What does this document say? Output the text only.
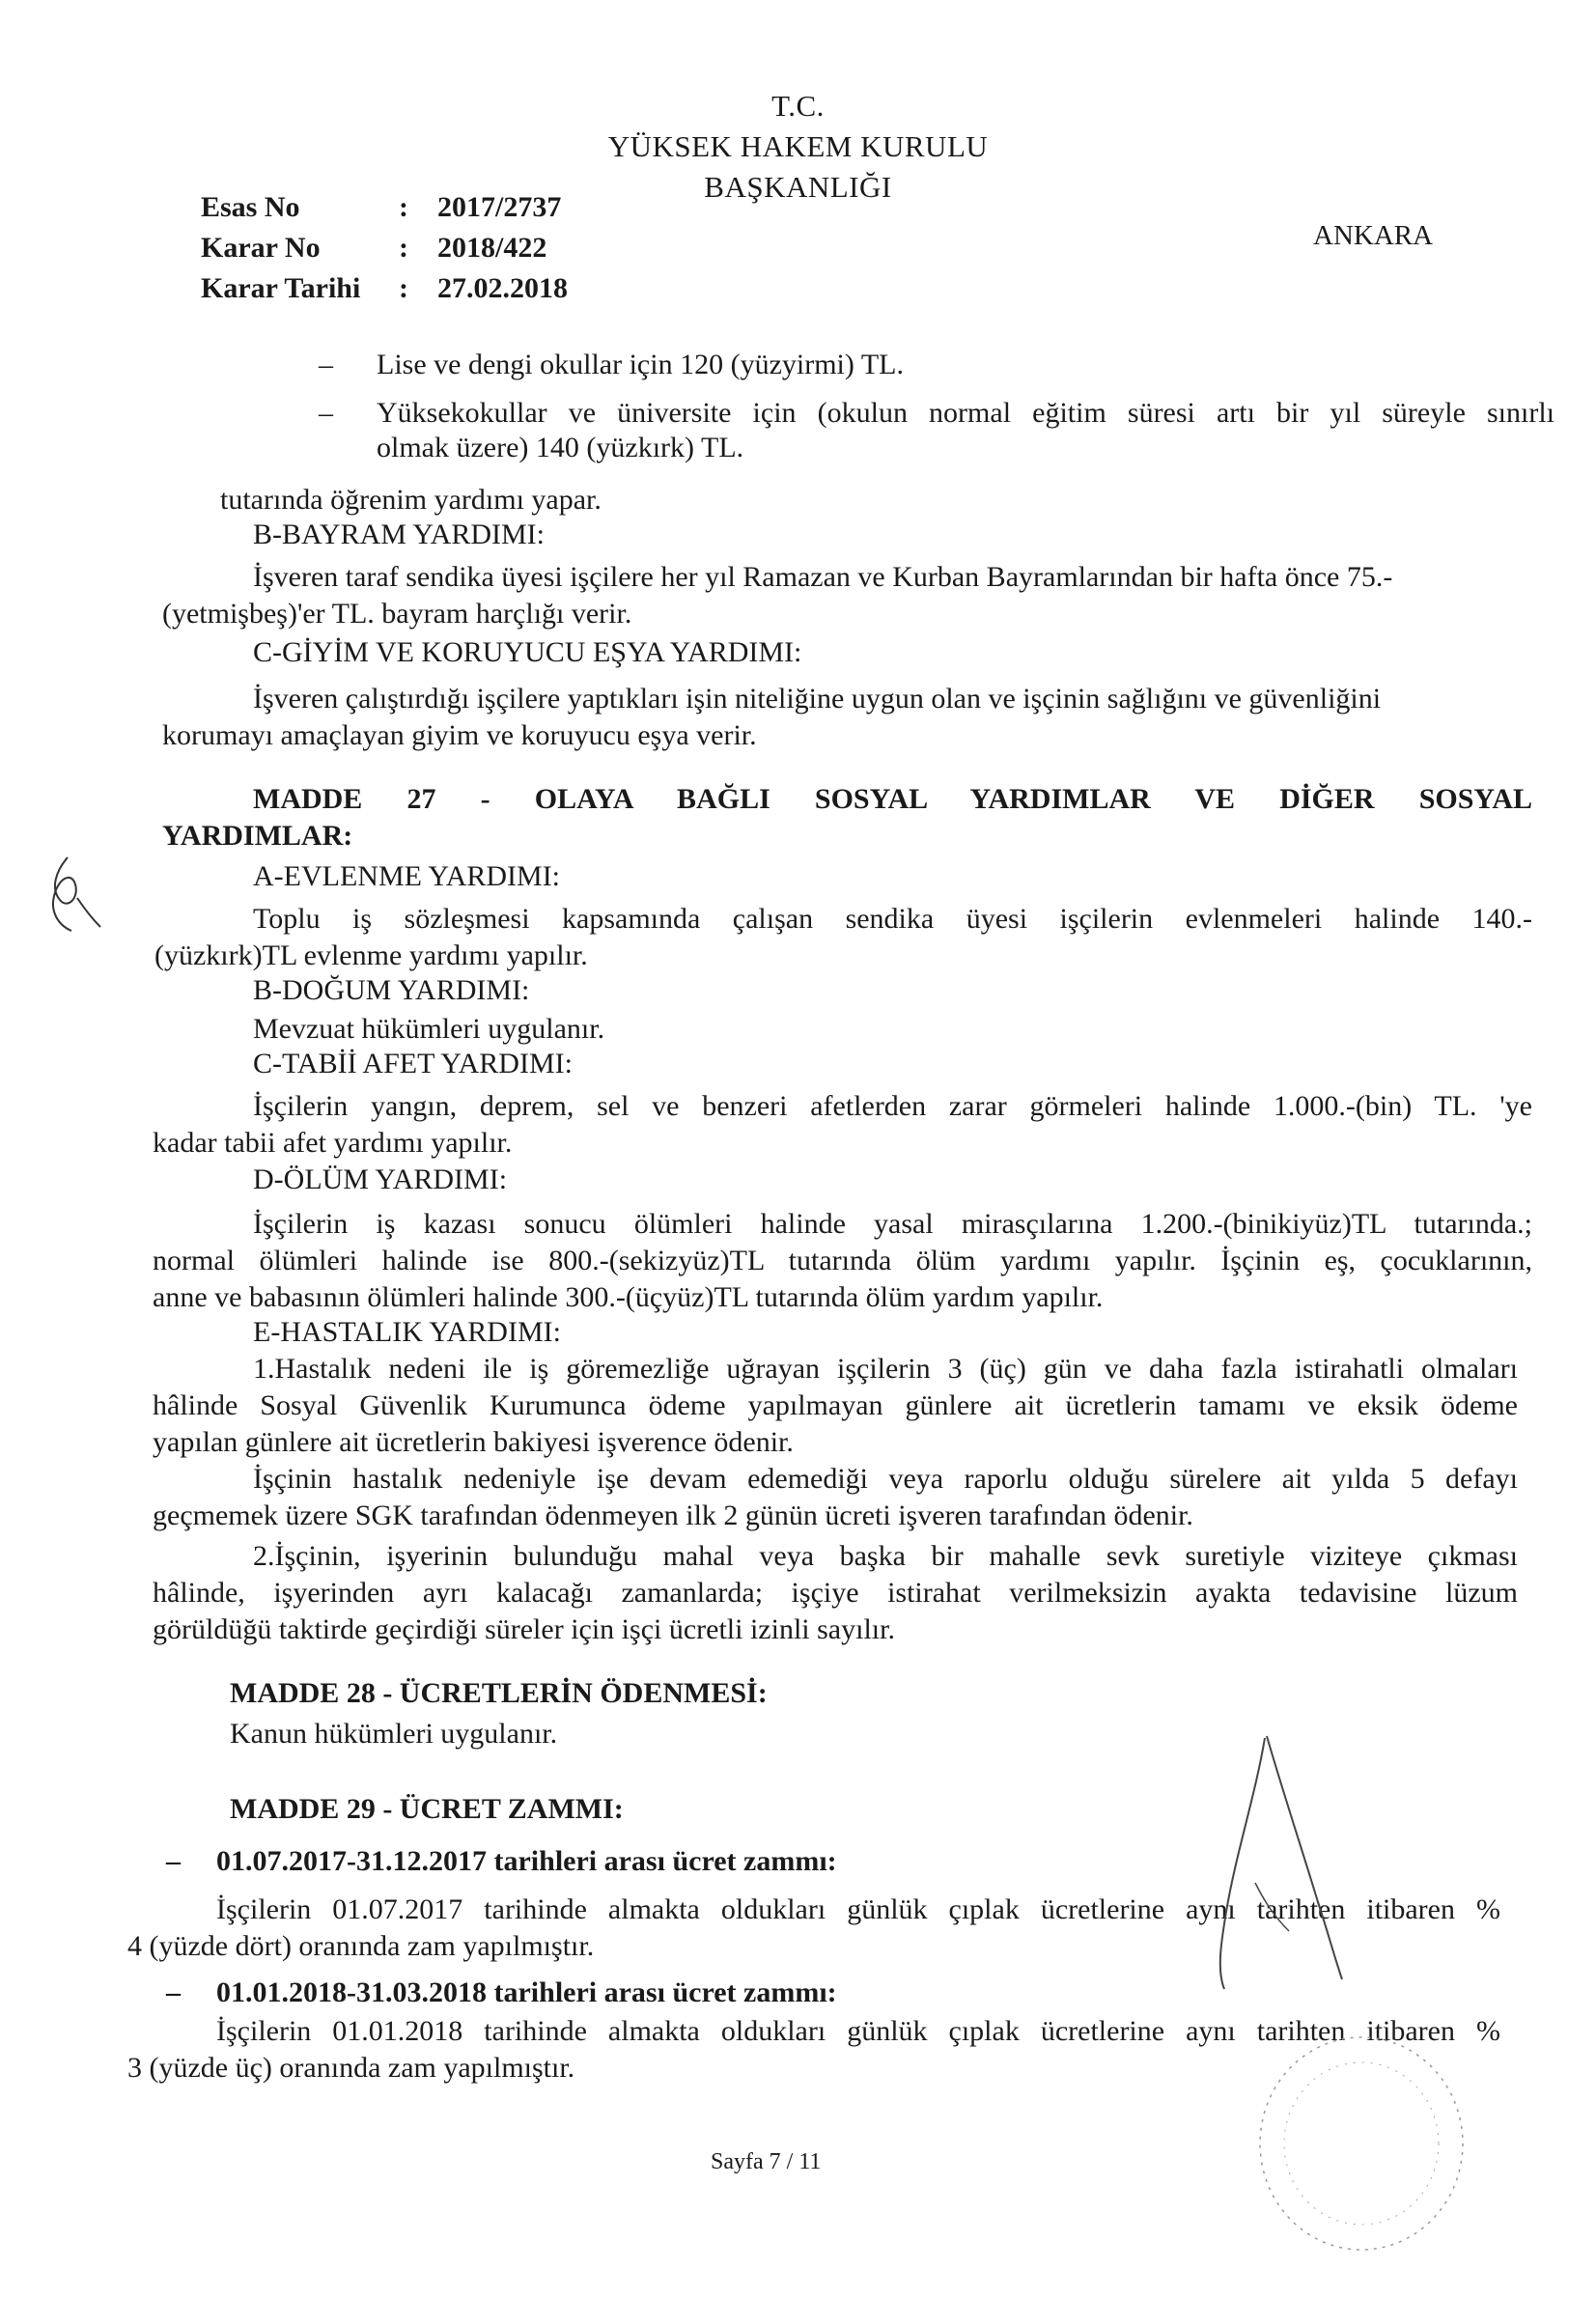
T.C.
YÜKSEK HAKEM KURULU
BAŞKANLIĞI
ANKARA
Esas No	: 2017/2737
Karar No	: 2018/422
Karar Tarihi : 27.02.2018
– Lise ve dengi okullar için 120 (yüzyirmi) TL.
– Yüksekokullar ve üniversite için (okulun normal eğitim süresi artı bir yıl süreyle sınırlı
olmak üzere) 140 (yüzkırk) TL.
tutarında öğrenim yardımı yapar.
B-BAYRAM YARDIMI:
İşveren taraf sendika üyesi işçilere her yıl Ramazan ve Kurban Bayramlarından bir hafta önce 75.-
(yetmişbeş)'er TL. bayram harçlığı verir.
C-GİYİM VE KORUYUCU EŞYA YARDIMI:
İşveren çalıştırdığı işçilere yaptıkları işin niteliğine uygun olan ve işçinin sağlığını ve güvenliğini
korumayı amaçlayan giyim ve koruyucu eşya verir.
MADDE 27 - OLAYA BAĞLI SOSYAL YARDIMLAR VE DİĞER SOSYAL
YARDIMLAR:
A-EVLENME YARDIMI:
Toplu iş sözleşmesi kapsamında çalışan sendika üyesi işçilerin evlenmeleri halinde 140.-
(yüzkırk)TL evlenme yardımı yapılır.
B-DOĞUM YARDIMI:
Mevzuat hükümleri uygulanır.
C-TABİİ AFET YARDIMI:
İşçilerin yangın, deprem, sel ve benzeri afetlerden zarar görmeleri halinde 1.000.-(bin) TL. 'ye
kadar tabii afet yardımı yapılır.
D-ÖLÜM YARDIMI:
İşçilerin iş kazası sonucu ölümleri halinde yasal mirasçılarına 1.200.-(binikiyüz)TL tutarında.;
normal ölümleri halinde ise 800.-(sekizyüz)TL tutarında ölüm yardımı yapılır. İşçinin eş, çocuklarının,
anne ve babasının ölümleri halinde 300.-(üçyüz)TL tutarında ölüm yardım yapılır.
E-HASTALIK YARDIMI:
1.Hastalık nedeni ile iş göremezliğe uğrayan işçilerin 3 (üç) gün ve daha fazla istirahatli olmaları
hâlinde Sosyal Güvenlik Kurumunca ödeme yapılmayan günlere ait ücretlerin tamamı ve eksik ödeme
yapılan günlere ait ücretlerin bakiyesi işverence ödenir.
İşçinin hastalık nedeniyle işe devam edemediği veya raporlu olduğu sürelere ait yılda 5 defayı
geçmemek üzere SGK tarafından ödenmeyen ilk 2 günün ücreti işveren tarafından ödenir.
2.İşçinin, işyerinin bulunduğu mahal veya başka bir mahalle sevk suretiyle viziteye çıkması
hâlinde, işyerinden ayrı kalacağı zamanlarda; işçiye istirahat verilmeksizin ayakta tedavisine lüzum
görüldüğü taktirde geçirdiği süreler için işçi ücretli izinli sayılır.
MADDE 28 - ÜCRETLERİN ÖDENMESİ:
Kanun hükümleri uygulanır.
MADDE 29 - ÜCRET ZAMMI:
– 01.07.2017-31.12.2017 tarihleri arası ücret zammı:
İşçilerin 01.07.2017 tarihinde almakta oldukları günlük çıplak ücretlerine aynı tarihten itibaren %
4 (yüzde dört) oranında zam yapılmıştır.
– 01.01.2018-31.03.2018 tarihleri arası ücret zammı:
İşçilerin 01.01.2018 tarihinde almakta oldukları günlük çıplak ücretlerine aynı tarihten itibaren %
3 (yüzde üç) oranında zam yapılmıştır.
Sayfa 7 / 11
